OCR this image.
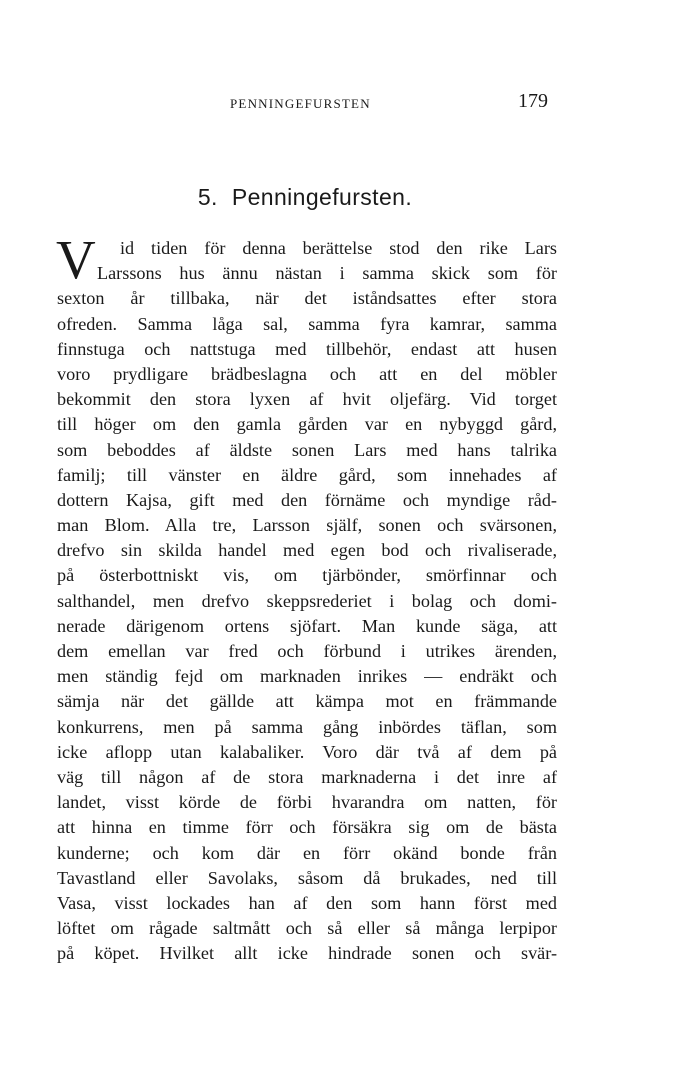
PENNINGEFURSTEN	179
5. Penningefursten.
V	id tiden för denna berättelse stod den rike Lars
Larssons hus ännu nästan i samma skick som för
sexton år tillbaka, när det iståndsattes efter stora
ofreden. Samma låga sal, samma fyra kamrar, samma
finnstuga och nattstuga med tillbehör, endast att husen
voro prydligare brädbeslagna och att en del möbler
bekommit den stora lyxen af hvit oljefärg. Vid torget
till höger om den gamla gården var en nybyggd gård,
som beboddes af äldste sonen Lars med hans talrika
familj; till vänster en äldre gård, som innehades af
dottern Kajsa, gift med den förnäme och myndige råd-
man Blom. Alla tre, Larsson själf, sonen och svärsonen,
drefvo sin skilda handel med egen bod och rivaliserade,
på österbottniskt vis, om tjärbönder, smörfinnar och
salthandel, men drefvo skeppsrederiet i bolag och domi-
nerade därigenom ortens sjöfart. Man kunde säga, att
dem emellan var fred och förbund i utrikes ärenden,
men ständig fejd om marknaden inrikes — endräkt och
sämja när det gällde att kämpa mot en främmande
konkurrens, men på samma gång inbördes täflan, som
icke aflopp utan kalabaliker. Voro där två af dem på
väg till någon af de stora marknaderna i det inre af
landet, visst körde de förbi hvarandra om natten, för
att hinna en timme förr och försäkra sig om de bästa
kunderne; och kom där en förr okänd bonde från
Tavastland eller Savolaks, såsom då brukades, ned till
Vasa, visst lockades han af den som hann först med
löftet om rågade saltmått och så eller så många lerpipor
på köpet. Hvilket allt icke hindrade sonen och svär-
